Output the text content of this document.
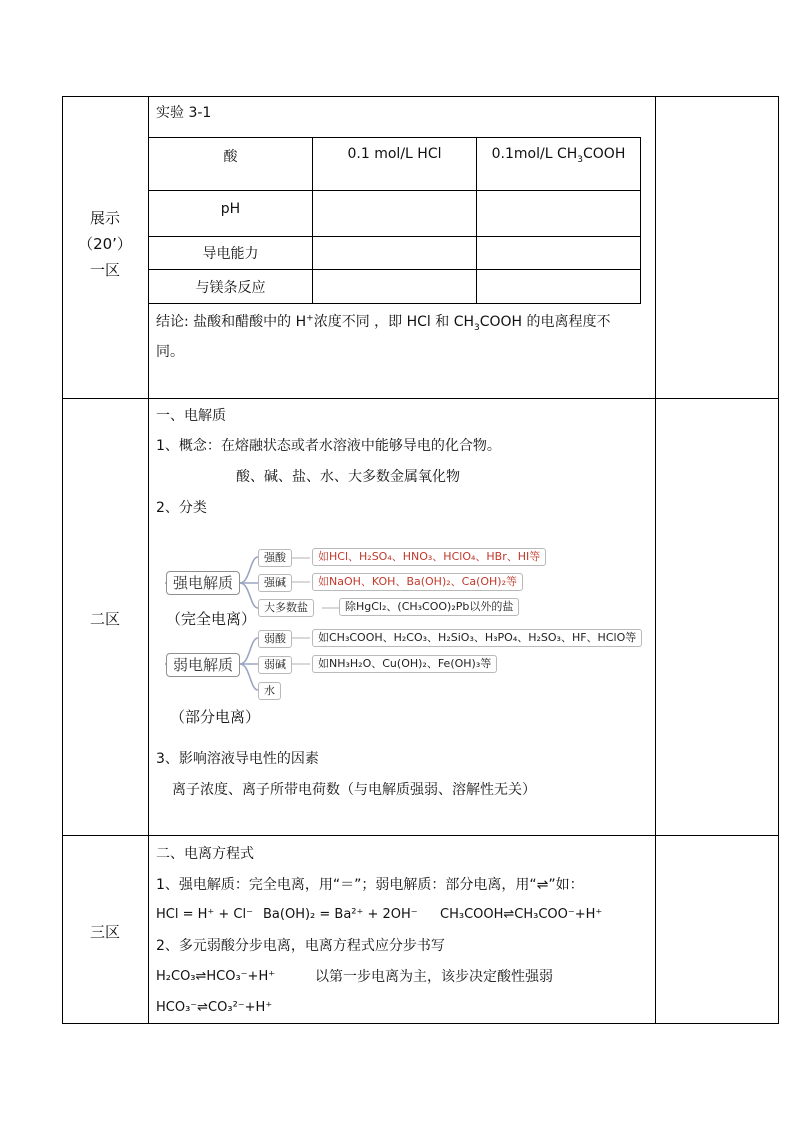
展示
（20’）
一区
实验 3-1
酸	0.1 mol/L HCl	0.1mol/L $CH_3COOH$
pH
导电能力
与镁条反应
结论: 盐酸和醋酸中的 H+浓度不同 ，即 HCl 和 $CH_3COOH$ 的电离程度不
同。
二区
一、电解质
1、概念：在熔融状态或者水溶液中能够导电的化合物。
酸、碱、盐、水、大多数金属氧化物
2、分类
强电解质
（完全电离）
弱电解质
（部分电离）
强酸	如HCl、H₂SO₄、HNO₃、HClO₄、HBr、HI等
强碱	如NaOH、KOH、Ba(OH)₂、Ca(OH)₂等
大多数盐	除HgCl₂、(CH₃COO)₂Pb以外的盐
弱酸	如CH₃COOH、H₂CO₃、H₂SiO₃、H₃PO₄、H₂SO₃、HF、HClO等
弱碱	如NH₃H₂O、Cu(OH)₂、Fe(OH)₃等
水
3、影响溶液导电性的因素
离子浓度、离子所带电荷数（与电解质强弱、溶解性无关）
三区
二、电离方程式
1、强电解质：完全电离，用“＝”；弱电解质：部分电离，用“⇌”如：
HCl = H⁺ + Cl⁻ Ba(OH)₂ = Ba²⁺ + 2OH⁻ CH₃COOH⇌CH₃COO⁻+H⁺
2、多元弱酸分步电离，电离方程式应分步书写
H₂CO₃⇌HCO₃⁻+H⁺	以第一步电离为主，该步决定酸性强弱
HCO₃⁻⇌CO₃²⁻+H⁺
